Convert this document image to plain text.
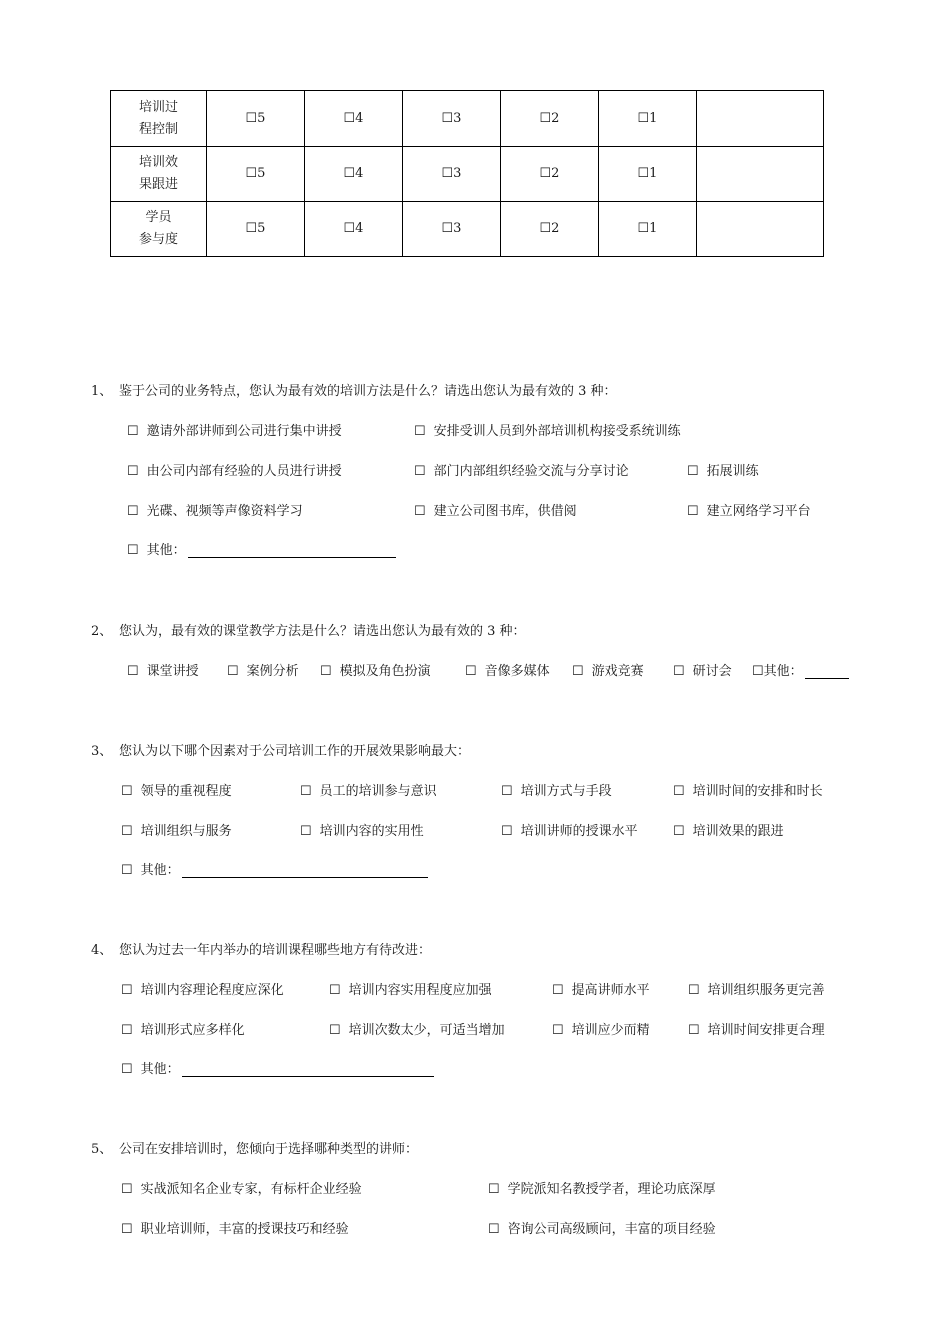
培训过
程控制	☐5	☐4	☐3	☐2	☐1	

培训效
果跟进	☐5	☐4	☐3	☐2	☐1	

学员
参与度	☐5	☐4	☐3	☐2	☐1	
1、 鉴于公司的业务特点，您认为最有效的培训方法是什么？请选出您认为最有效的 3 种：
☐ 邀请外部讲师到公司进行集中讲授	☐ 安排受训人员到外部培训机构接受系统训练
☐ 由公司内部有经验的人员进行讲授	☐ 部门内部组织经验交流与分享讨论	☐ 拓展训练
☐ 光碟、视频等声像资料学习	☐ 建立公司图书库，供借阅	☐ 建立网络学习平台
☐ 其他：
2、 您认为，最有效的课堂教学方法是什么？请选出您认为最有效的 3 种：
☐ 课堂讲授 ☐ 案例分析 ☐ 模拟及角色扮演	☐ 音像多媒体 ☐ 游戏竞赛 ☐ 研讨会 ☐其他：
3、 您认为以下哪个因素对于公司培训工作的开展效果影响最大：
☐ 领导的重视程度	☐ 员工的培训参与意识	☐ 培训方式与手段	☐ 培训时间的安排和时长
☐ 培训组织与服务	☐ 培训内容的实用性	☐ 培训讲师的授课水平	☐ 培训效果的跟进
☐ 其他：
4、 您认为过去一年内举办的培训课程哪些地方有待改进：
☐ 培训内容理论程度应深化	☐ 培训内容实用程度应加强	☐ 提高讲师水平	☐ 培训组织服务更完善
☐ 培训形式应多样化	☐ 培训次数太少，可适当增加	☐ 培训应少而精	☐ 培训时间安排更合理
☐ 其他：
5、 公司在安排培训时，您倾向于选择哪种类型的讲师：
☐ 实战派知名企业专家，有标杆企业经验	☐ 学院派知名教授学者，理论功底深厚
☐ 职业培训师，丰富的授课技巧和经验	☐ 咨询公司高级顾问，丰富的项目经验
